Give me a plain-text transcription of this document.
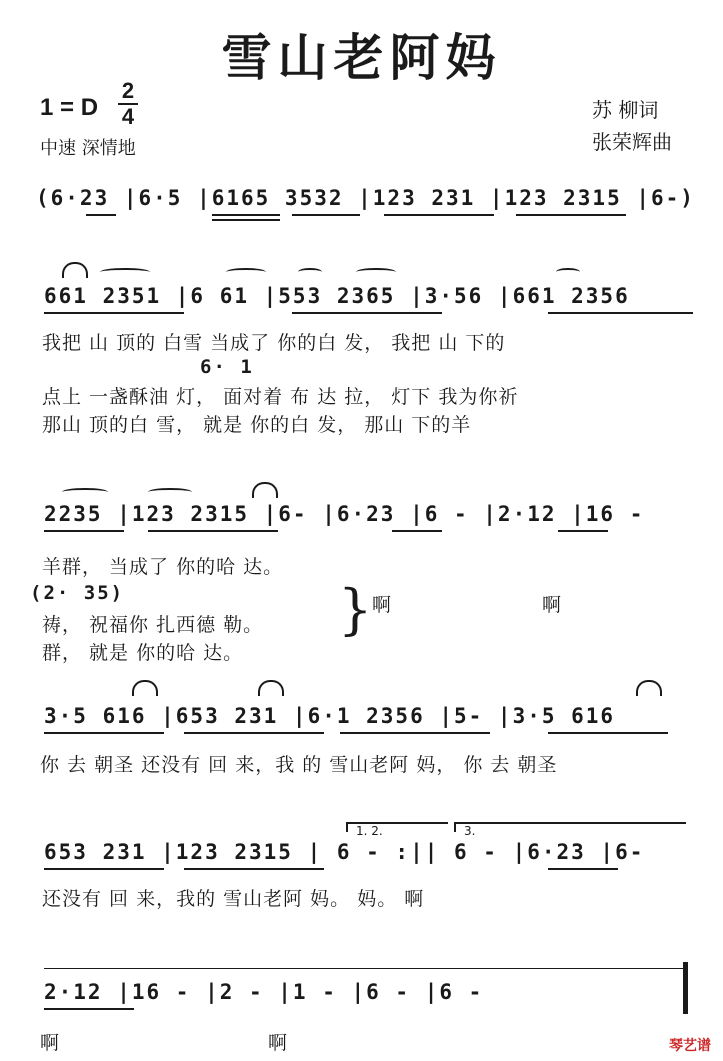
雪山老阿妈
1 = D
2
4
中速 深情地
苏 柳词
张荣辉曲
(6·23 |6·5 |6165 3532 |123 231 |123 2315 |6-)
661 2351 |6 61 |553 2365 |3·56 |661 2356
我把 山 顶的 白雪 当成了 你的白 发， 我把 山 下的
6· 1
点上 一盏酥油 灯， 面对着 布 达 拉， 灯下 我为你祈
那山 顶的白 雪， 就是 你的白 发， 那山 下的羊
2235 |123 2315 |6- |6·23 |6 - |2·12 |16 -
羊群， 当成了 你的哈 达。
(2· 35)
祷， 祝福你 扎西德 勒。
群， 就是 你的哈 达。
} 啊	啊
3·5 616 |653 231 |6·1 2356 |5- |3·5 616
你 去 朝圣 还没有 回 来，我 的 雪山老阿 妈， 你 去 朝圣
1. 2.	3.
653 231 |123 2315 | 6 - :|| 6 - |6·23 |6-
还没有 回 来，我的 雪山老阿 妈。 妈。 啊
2·12 |16 - |2 - |1 - |6 - |6 -
啊	啊	琴艺谱
